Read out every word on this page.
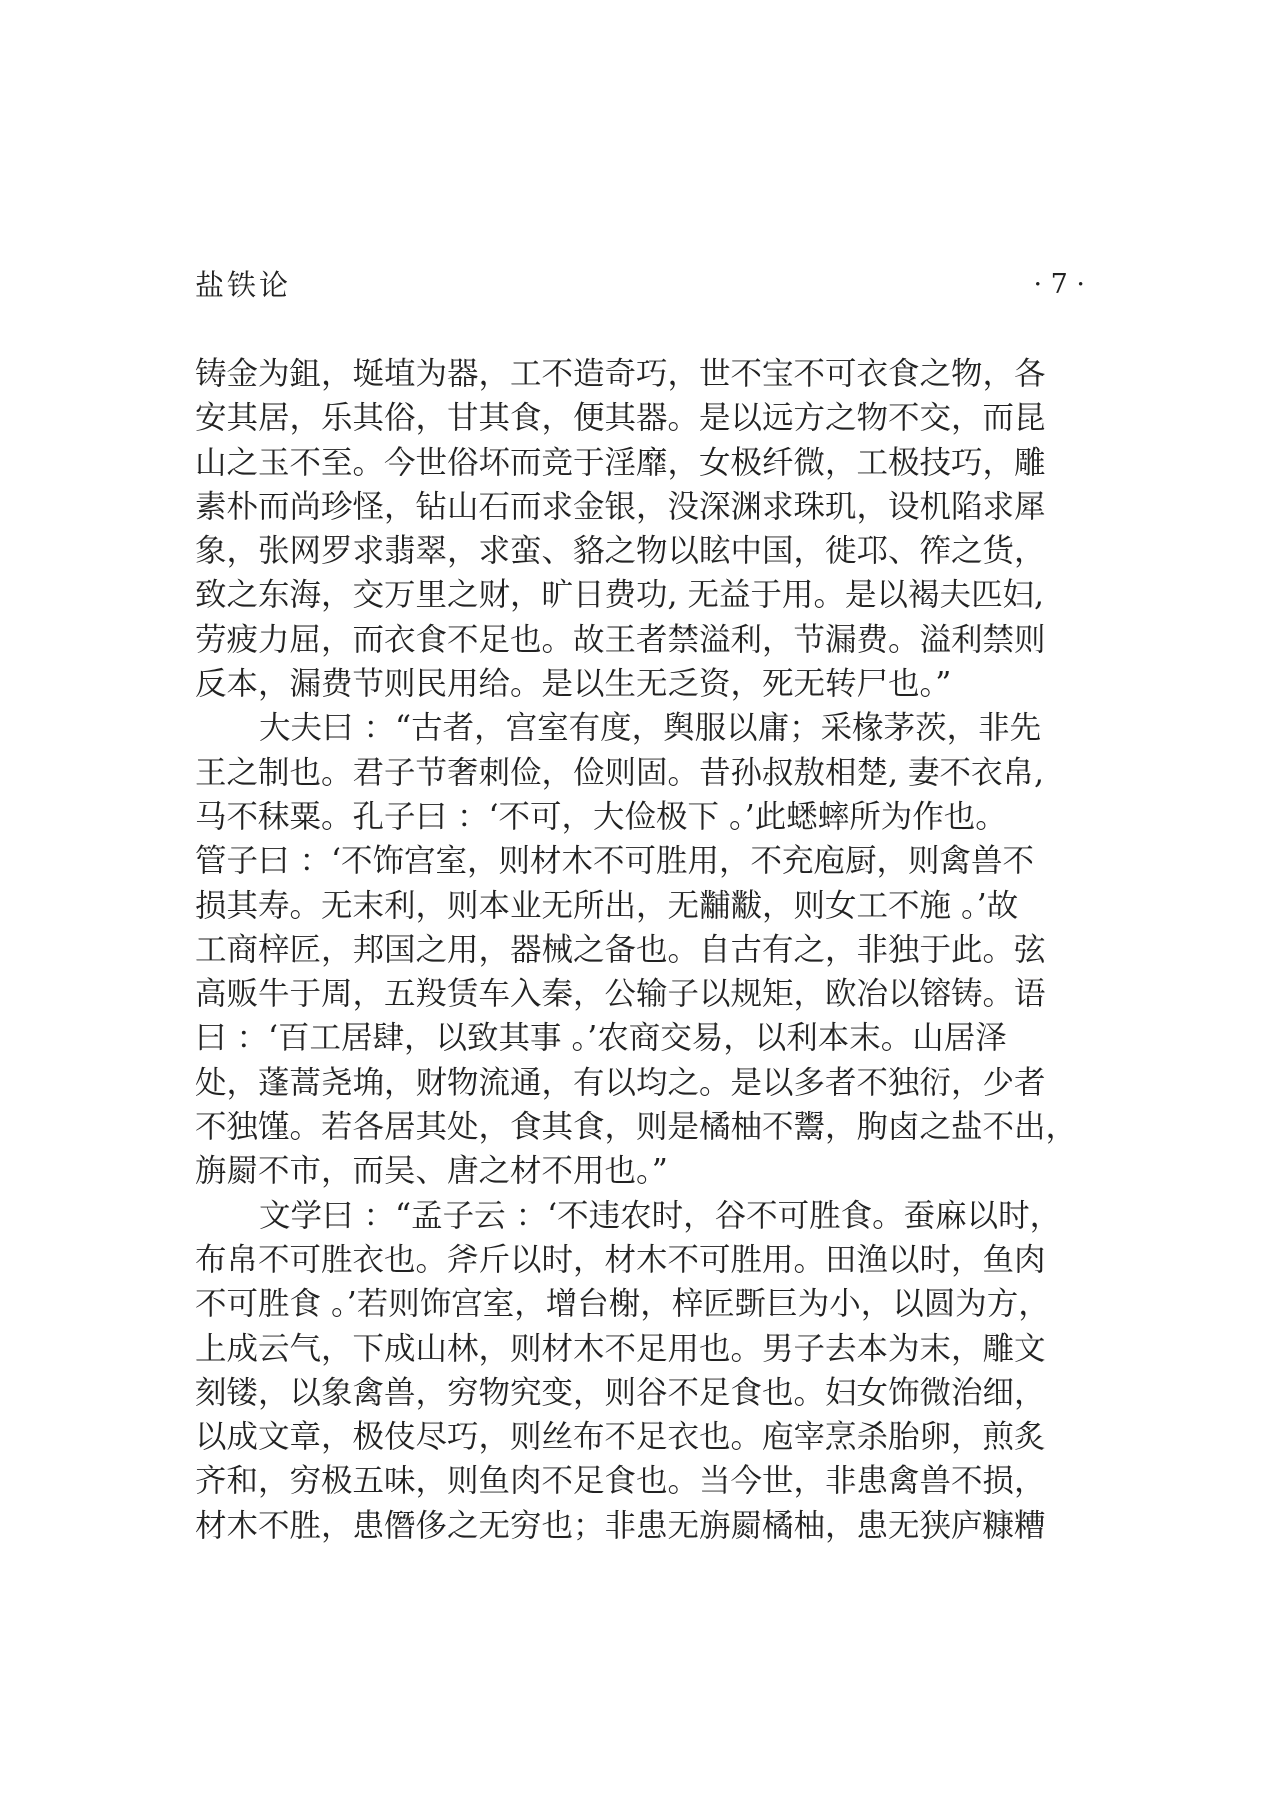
盐铁论	· 7 ·
铸金为鉏，埏埴为器，工不造奇巧，世不宝不可衣食之物，各
安其居，乐其俗，甘其食，便其器。是以远方之物不交，而昆
山之玉不至。今世俗坏而竞于淫靡，女极纤微，工极技巧，雕
素朴而尚珍怪，钻山石而求金银，没深渊求珠玑，设机陷求犀
象，张网罗求翡翠，求蛮、貉之物以眩中国，徙邛、筰之货，
致之东海，交万里之财，旷日费功, 无益于用。是以褐夫匹妇,
劳疲力屈，而衣食不足也。故王者禁溢利，节漏费。溢利禁则
反本，漏费节则民用给。是以生无乏资，死无转尸也。”
大夫曰 ：“古者，宫室有度，舆服以庸；采椽茅茨，非先
王之制也。君子节奢刺俭，俭则固。昔孙叔敖相楚, 妻不衣帛,
马不秣粟。孔子曰 ：‘不可，大俭极下 。’此蟋蟀所为作也。
管子曰 ：‘不饰宫室，则材木不可胜用，不充庖厨，则禽兽不
损其寿。无末利，则本业无所出，无黼黻，则女工不施 。’故
工商梓匠，邦国之用，器械之备也。自古有之，非独于此。弦
高贩牛于周，五羖赁车入秦，公输子以规矩，欧冶以镕铸。语
曰 ：‘百工居肆，以致其事 。’农商交易，以利本末。山居泽
处，蓬蒿尧埆，财物流通，有以均之。是以多者不独衍，少者
不独馑。若各居其处，食其食，则是橘柚不鬻，朐卤之盐不出，
旃罽不市，而吴、唐之材不用也。”
文学曰 ：“孟子云 ：‘不违农时，谷不可胜食。蚕麻以时，
布帛不可胜衣也。斧斤以时，材木不可胜用。田渔以时，鱼肉
不可胜食 。’若则饰宫室，增台榭，梓匠斲巨为小，以圆为方，
上成云气，下成山林，则材木不足用也。男子去本为末，雕文
刻镂，以象禽兽，穷物究变，则谷不足食也。妇女饰微治细，
以成文章，极伎尽巧，则丝布不足衣也。庖宰烹杀胎卵，煎炙
齐和，穷极五味，则鱼肉不足食也。当今世，非患禽兽不损，
材木不胜，患僭侈之无穷也；非患无旃罽橘柚，患无狭庐糠糟
